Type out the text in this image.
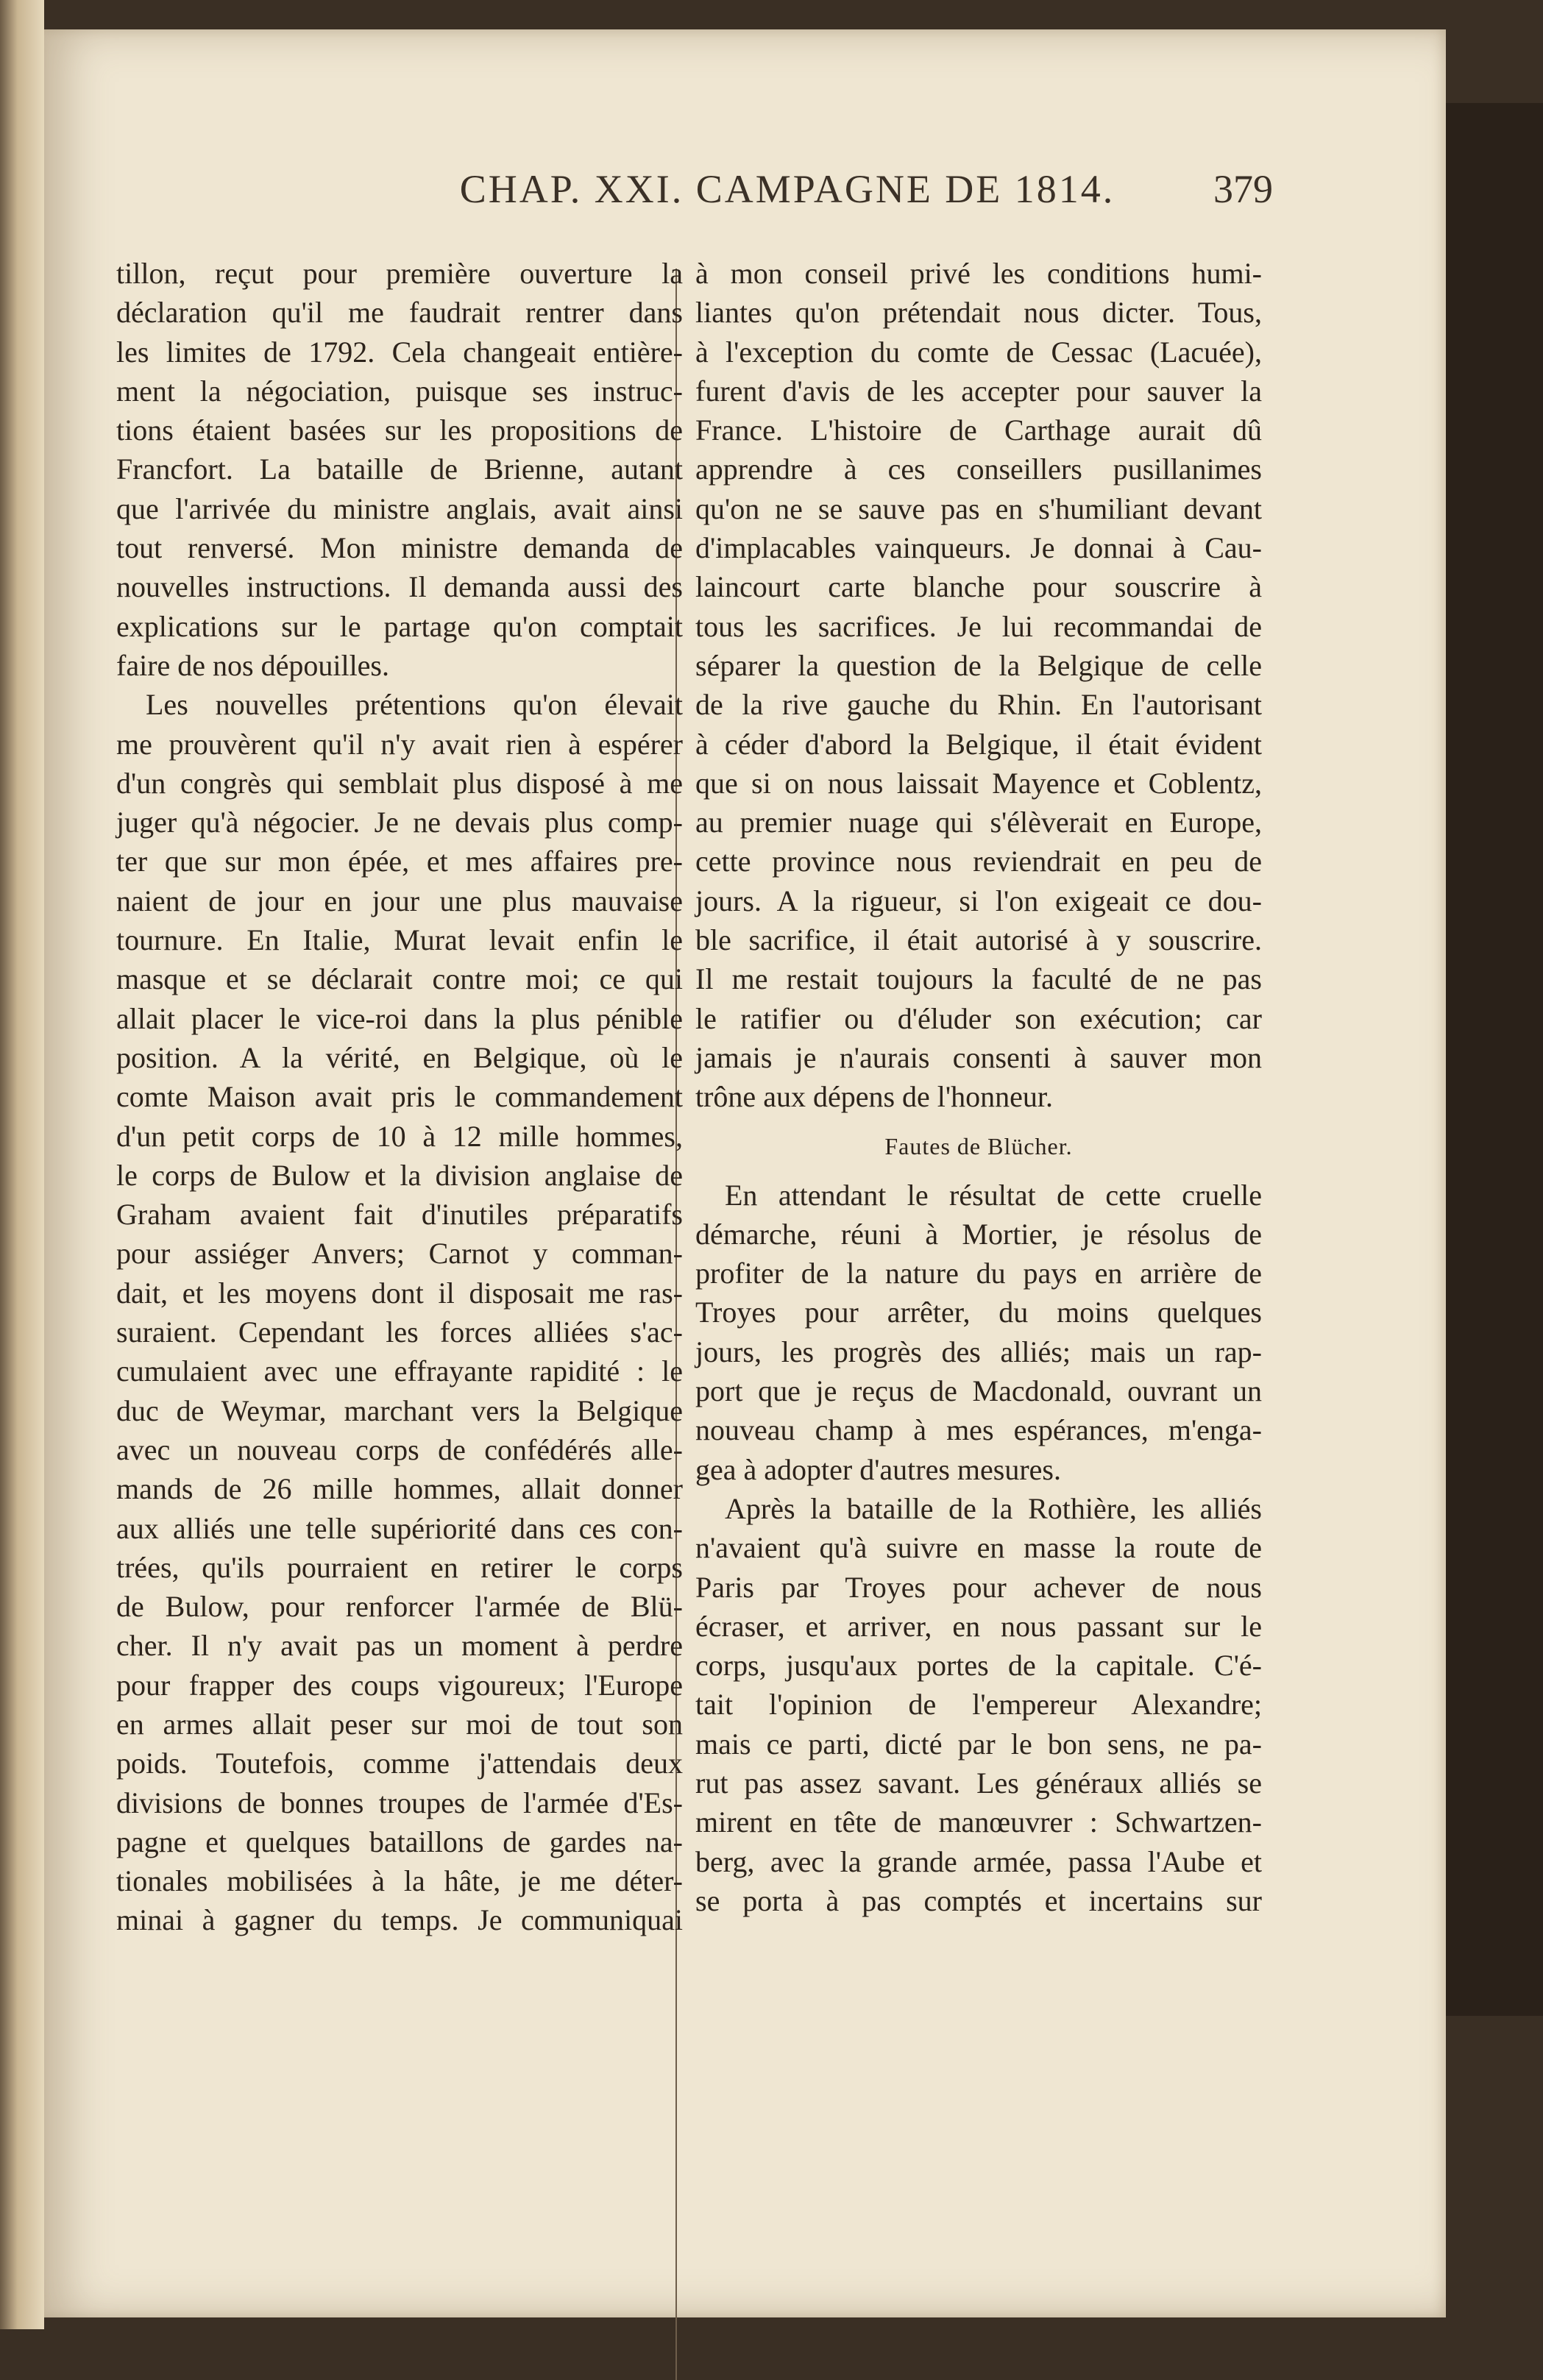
CHAP. XXI. CAMPAGNE DE 1814.	379
tillon, reçut pour première ouverture la
déclaration qu'il me faudrait rentrer dans
les limites de 1792. Cela changeait entière-
ment la négociation, puisque ses instruc-
tions étaient basées sur les propositions de
Francfort. La bataille de Brienne, autant
que l'arrivée du ministre anglais, avait ainsi
tout renversé. Mon ministre demanda de
nouvelles instructions. Il demanda aussi des
explications sur le partage qu'on comptait
faire de nos dépouilles.
Les nouvelles prétentions qu'on élevait
me prouvèrent qu'il n'y avait rien à espérer
d'un congrès qui semblait plus disposé à me
juger qu'à négocier. Je ne devais plus comp-
ter que sur mon épée, et mes affaires pre-
naient de jour en jour une plus mauvaise
tournure. En Italie, Murat levait enfin le
masque et se déclarait contre moi; ce qui
allait placer le vice-roi dans la plus pénible
position. A la vérité, en Belgique, où le
comte Maison avait pris le commandement
d'un petit corps de 10 à 12 mille hommes,
le corps de Bulow et la division anglaise de
Graham avaient fait d'inutiles préparatifs
pour assiéger Anvers; Carnot y comman-
dait, et les moyens dont il disposait me ras-
suraient. Cependant les forces alliées s'ac-
cumulaient avec une effrayante rapidité : le
duc de Weymar, marchant vers la Belgique
avec un nouveau corps de confédérés alle-
mands de 26 mille hommes, allait donner
aux alliés une telle supériorité dans ces con-
trées, qu'ils pourraient en retirer le corps
de Bulow, pour renforcer l'armée de Blü-
cher. Il n'y avait pas un moment à perdre
pour frapper des coups vigoureux; l'Europe
en armes allait peser sur moi de tout son
poids. Toutefois, comme j'attendais deux
divisions de bonnes troupes de l'armée d'Es-
pagne et quelques bataillons de gardes na-
tionales mobilisées à la hâte, je me déter-
minai à gagner du temps. Je communiquai
à mon conseil privé les conditions humi-
liantes qu'on prétendait nous dicter. Tous,
à l'exception du comte de Cessac (Lacuée),
furent d'avis de les accepter pour sauver la
France. L'histoire de Carthage aurait dû
apprendre à ces conseillers pusillanimes
qu'on ne se sauve pas en s'humiliant devant
d'implacables vainqueurs. Je donnai à Cau-
laincourt carte blanche pour souscrire à
tous les sacrifices. Je lui recommandai de
séparer la question de la Belgique de celle
de la rive gauche du Rhin. En l'autorisant
à céder d'abord la Belgique, il était évident
que si on nous laissait Mayence et Coblentz,
au premier nuage qui s'élèverait en Europe,
cette province nous reviendrait en peu de
jours. A la rigueur, si l'on exigeait ce dou-
ble sacrifice, il était autorisé à y souscrire.
Il me restait toujours la faculté de ne pas
le ratifier ou d'éluder son exécution; car
jamais je n'aurais consenti à sauver mon
trône aux dépens de l'honneur.
Fautes de Blücher.
En attendant le résultat de cette cruelle
démarche, réuni à Mortier, je résolus de
profiter de la nature du pays en arrière de
Troyes pour arrêter, du moins quelques
jours, les progrès des alliés; mais un rap-
port que je reçus de Macdonald, ouvrant un
nouveau champ à mes espérances, m'enga-
gea à adopter d'autres mesures.
Après la bataille de la Rothière, les alliés
n'avaient qu'à suivre en masse la route de
Paris par Troyes pour achever de nous
écraser, et arriver, en nous passant sur le
corps, jusqu'aux portes de la capitale. C'é-
tait l'opinion de l'empereur Alexandre;
mais ce parti, dicté par le bon sens, ne pa-
rut pas assez savant. Les généraux alliés se
mirent en tête de manœuvrer : Schwartzen-
berg, avec la grande armée, passa l'Aube et
se porta à pas comptés et incertains sur
